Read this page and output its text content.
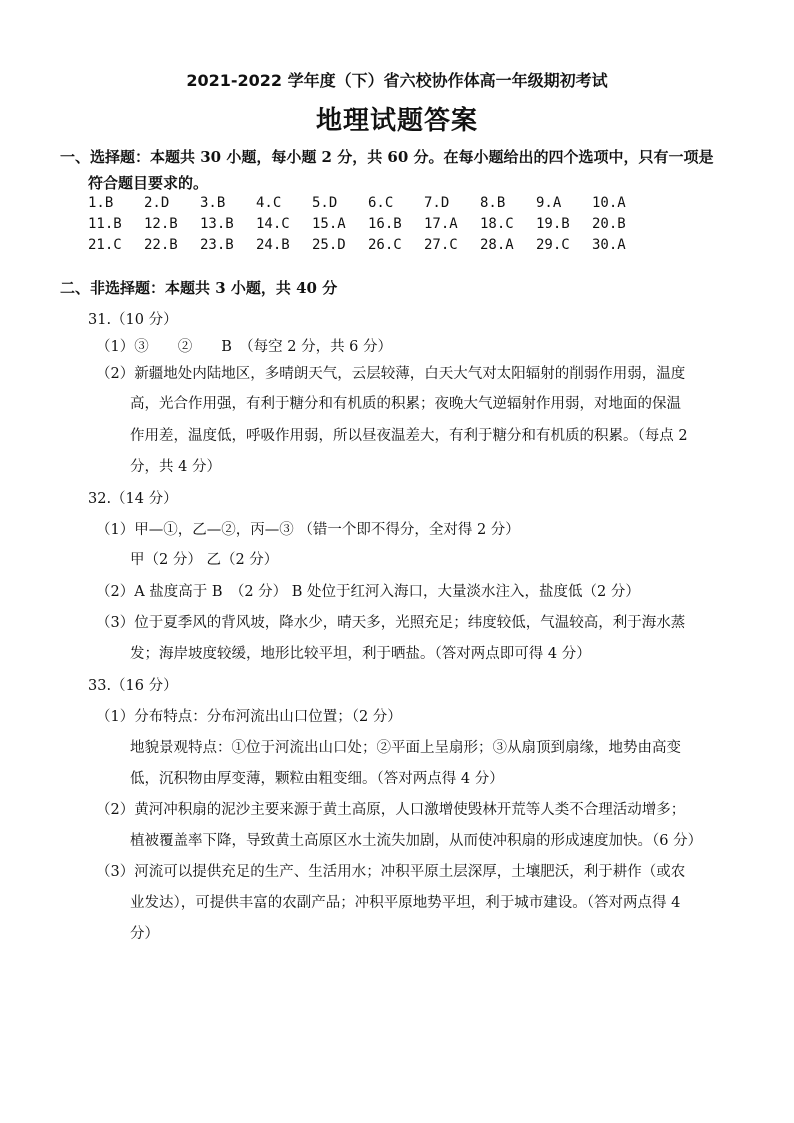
2021-2022 学年度（下）省六校协作体高一年级期初考试
地理试题答案
一、选择题：本题共 30 小题，每小题 2 分，共 60 分。在每小题给出的四个选项中，只有一项是
符合题目要求的。
1.B 2.D 3.B 4.C 5.D 6.C 7.D 8.B 9.A 10.A
11.B 12.B 13.B 14.C 15.A 16.B 17.A 18.C 19.B 20.B
21.C 22.B 23.B 24.B 25.D 26.C 27.C 28.A 29.C 30.A
二、非选择题：本题共 3 小题，共 40 分
31.（10 分）
（1）③　　②　　B　（每空 2 分，共 6 分）
（2）新疆地处内陆地区，多晴朗天气，云层较薄，白天大气对太阳辐射的削弱作用弱，温度
高，光合作用强，有利于糖分和有机质的积累；夜晚大气逆辐射作用弱，对地面的保温
作用差，温度低，呼吸作用弱，所以昼夜温差大，有利于糖分和有机质的积累。（每点 2
分，共 4 分）
32.（14 分）
（1）甲—①，乙—②，丙—③ （错一个即不得分，全对得 2 分）
甲（2 分） 乙（2 分）
（2）A 盐度高于 B　（2 分） B 处位于红河入海口，大量淡水注入，盐度低（2 分）
（3）位于夏季风的背风坡，降水少，晴天多，光照充足；纬度较低，气温较高，利于海水蒸
发；海岸坡度较缓，地形比较平坦，利于晒盐。（答对两点即可得 4 分）
33.（16 分）
（1）分布特点：分布河流出山口位置；（2 分）
地貌景观特点：①位于河流出山口处；②平面上呈扇形；③从扇顶到扇缘，地势由高变
低，沉积物由厚变薄，颗粒由粗变细。（答对两点得 4 分）
（2）黄河冲积扇的泥沙主要来源于黄土高原，人口激增使毁林开荒等人类不合理活动增多；
植被覆盖率下降，导致黄土高原区水土流失加剧，从而使冲积扇的形成速度加快。（6 分）
（3）河流可以提供充足的生产、生活用水；冲积平原土层深厚，土壤肥沃，利于耕作（或农
业发达），可提供丰富的农副产品；冲积平原地势平坦，利于城市建设。（答对两点得 4
分）
